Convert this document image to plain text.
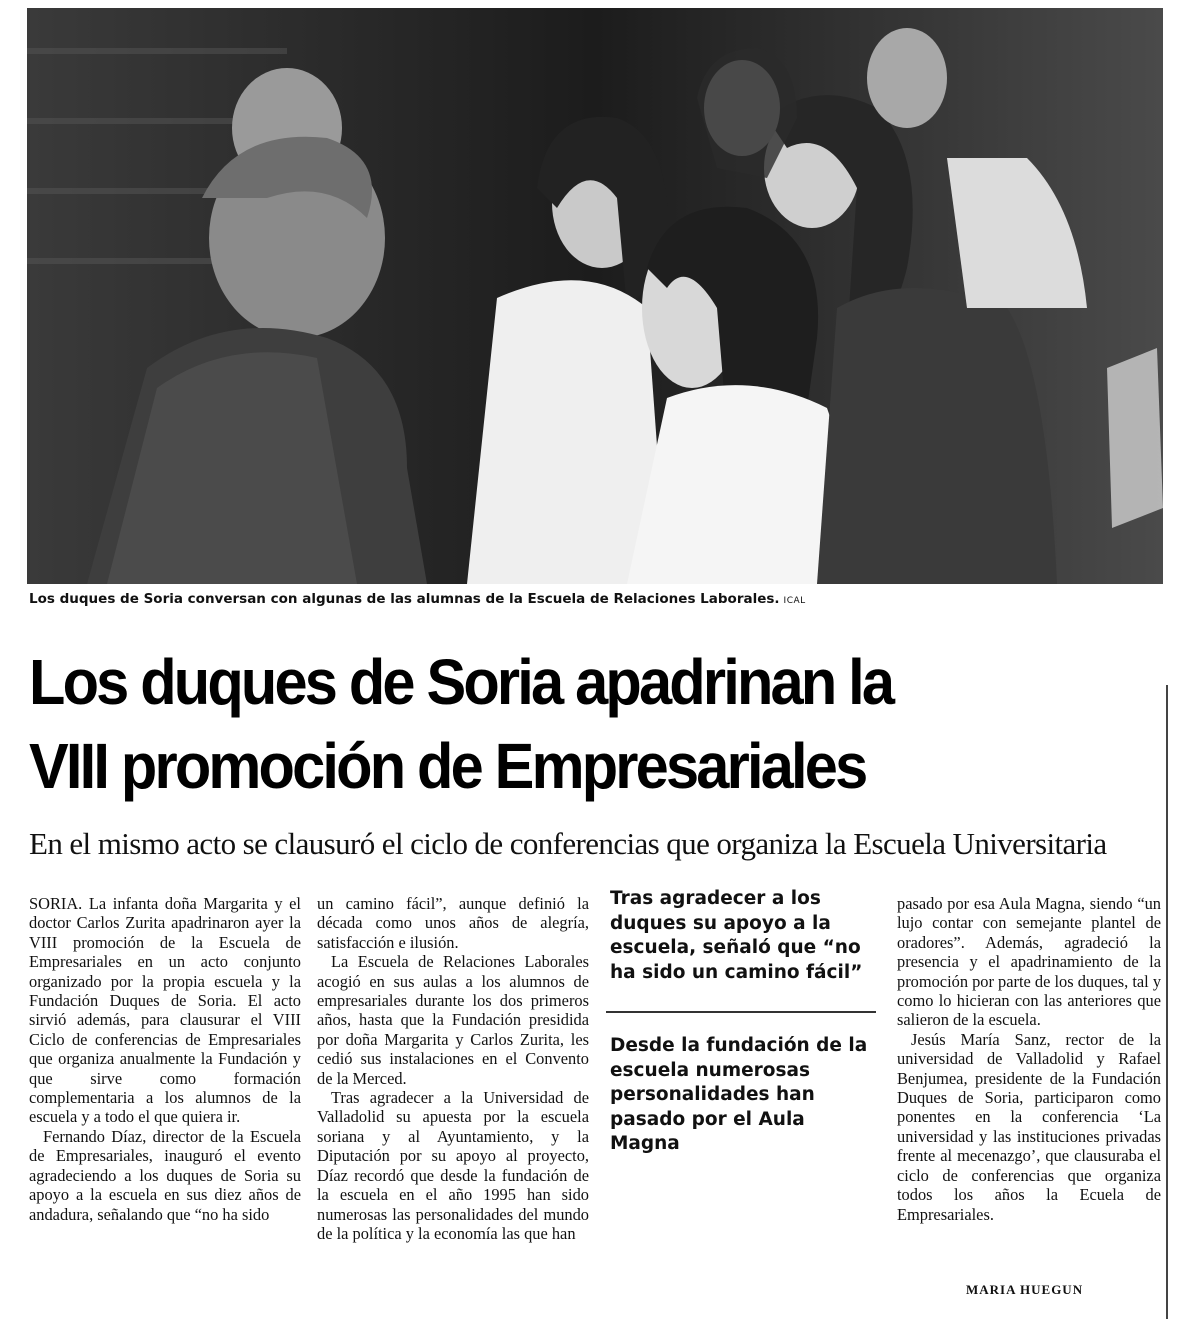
Los duques de Soria conversan con algunas de las alumnas de la Escuela de Relaciones Laborales. ICAL
Los duques de Soria apadrinan la
VIII promoción de Empresariales
En el mismo acto se clausuró el ciclo de conferencias que organiza la Escuela Universitaria

SORIA. La infanta doña Margarita y el doctor Carlos Zurita apadrinaron ayer la VIII promoción de la Escuela de Empresariales en un acto conjunto organizado por la propia escuela y la Fundación Duques de Soria. El acto sirvió además, para clausurar el VIII Ciclo de conferencias de Empresariales que organiza anualmente la Fundación y que sirve como formación complementaria a los alumnos de la escuela y a todo el que quiera ir.

Fernando Díaz, director de la Escuela de Empresariales, inauguró el evento agradeciendo a los duques de Soria su apoyo a la escuela en sus diez años de andadura, señalando que “no ha sido

un camino fácil”, aunque definió la década como unos años de alegría, satisfacción e ilusión.

La Escuela de Relaciones Laborales acogió en sus aulas a los alumnos de empresariales durante los dos primeros años, hasta que la Fundación presidida por doña Margarita y Carlos Zurita, les cedió sus instalaciones en el Convento de la Merced.

Tras agradecer a la Universidad de Valladolid su apuesta por la escuela soriana y al Ayuntamiento, y la Diputación por su apoyo al proyecto, Díaz recordó que desde la fundación de la escuela en el año 1995 han sido numerosas las personalidades del mundo de la política y la economía las que han

Tras agradecer a los duques su apoyo a la escuela, señaló que “no ha sido un camino fácil”
Desde la fundación de la escuela numerosas personalidades han pasado por el Aula Magna

pasado por esa Aula Magna, siendo “un lujo contar con semejante plantel de oradores”. Además, agradeció la presencia y el apadrinamiento de la promoción por parte de los duques, tal y como lo hicieran con las anteriores que salieron de la escuela.

Jesús María Sanz, rector de la universidad de Valladolid y Rafael Benjumea, presidente de la Fundación Duques de Soria, participaron como ponentes en la conferencia ‘La universidad y las instituciones privadas frente al mecenazgo’, que clausuraba el ciclo de conferencias que organiza todos los años la Ecuela de Empresariales.

MARIA HUEGUN
